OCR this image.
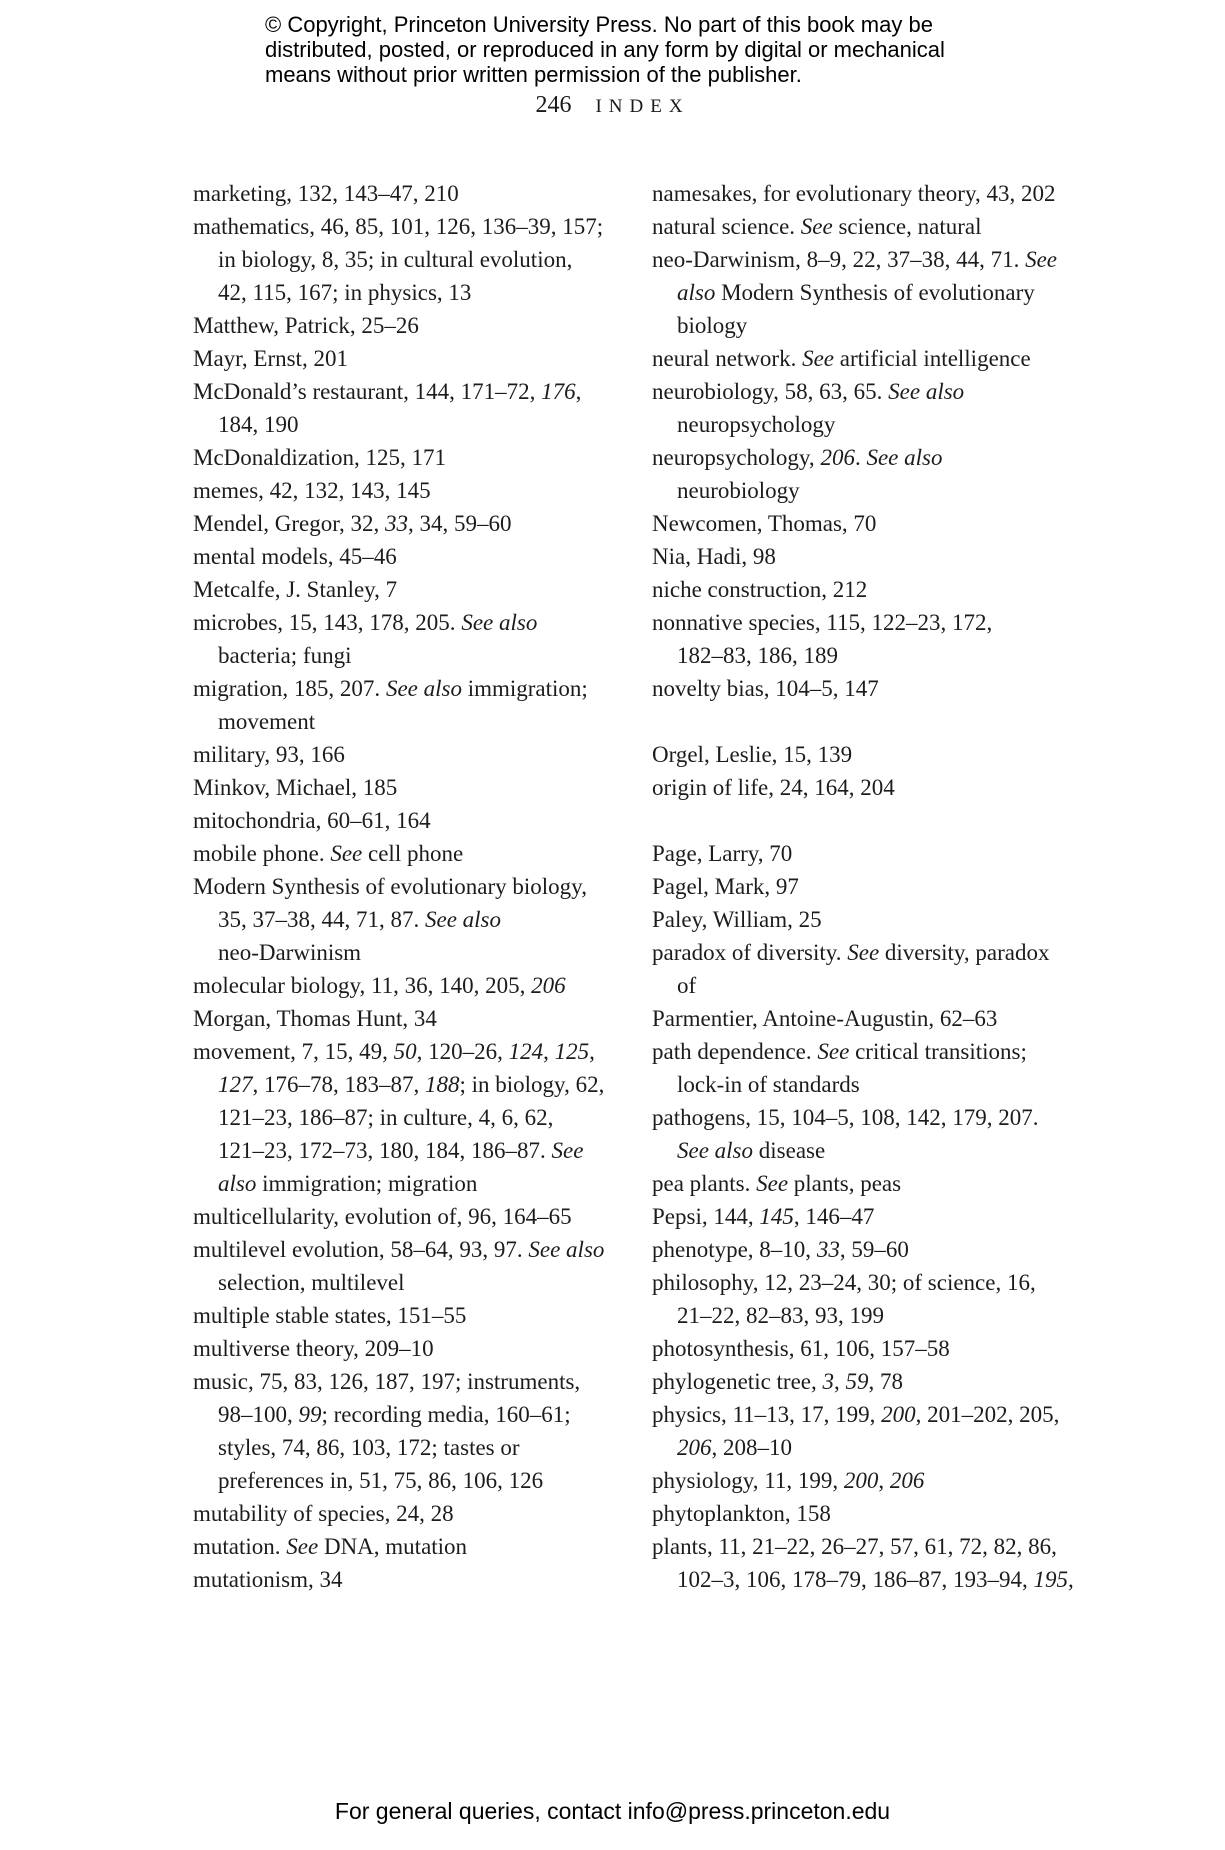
© Copyright, Princeton University Press. No part of this book may be
distributed, posted, or reproduced in any form by digital or mechanical
means without prior written permission of the publisher.
246 INDEX
marketing, 132, 143–47, 210
mathematics, 46, 85, 101, 126, 136–39, 157;
in biology, 8, 35; in cultural evolution,
42, 115, 167; in physics, 13
Matthew, Patrick, 25–26
Mayr, Ernst, 201
McDonald’s restaurant, 144, 171–72, 176,
184, 190
McDonaldization, 125, 171
memes, 42, 132, 143, 145
Mendel, Gregor, 32, 33, 34, 59–60
mental models, 45–46
Metcalfe, J. Stanley, 7
microbes, 15, 143, 178, 205. See also
bacteria; fungi
migration, 185, 207. See also immigration;
movement
military, 93, 166
Minkov, Michael, 185
mitochondria, 60–61, 164
mobile phone. See cell phone
Modern Synthesis of evolutionary biology,
35, 37–38, 44, 71, 87. See also
neo-Darwinism
molecular biology, 11, 36, 140, 205, 206
Morgan, Thomas Hunt, 34
movement, 7, 15, 49, 50, 120–26, 124, 125,
127, 176–78, 183–87, 188; in biology, 62,
121–23, 186–87; in culture, 4, 6, 62,
121–23, 172–73, 180, 184, 186–87. See
also immigration; migration
multicellularity, evolution of, 96, 164–65
multilevel evolution, 58–64, 93, 97. See also
selection, multilevel
multiple stable states, 151–55
multiverse theory, 209–10
music, 75, 83, 126, 187, 197; instruments,
98–100, 99; recording media, 160–61;
styles, 74, 86, 103, 172; tastes or
preferences in, 51, 75, 86, 106, 126
mutability of species, 24, 28
mutation. See DNA, mutation
mutationism, 34
namesakes, for evolutionary theory, 43, 202
natural science. See science, natural
neo-Darwinism, 8–9, 22, 37–38, 44, 71. See
also Modern Synthesis of evolutionary
biology
neural network. See artificial intelligence
neurobiology, 58, 63, 65. See also
neuropsychology
neuropsychology, 206. See also
neurobiology
Newcomen, Thomas, 70
Nia, Hadi, 98
niche construction, 212
nonnative species, 115, 122–23, 172,
182–83, 186, 189
novelty bias, 104–5, 147
Orgel, Leslie, 15, 139
origin of life, 24, 164, 204
Page, Larry, 70
Pagel, Mark, 97
Paley, William, 25
paradox of diversity. See diversity, paradox
of
Parmentier, Antoine-Augustin, 62–63
path dependence. See critical transitions;
lock-in of standards
pathogens, 15, 104–5, 108, 142, 179, 207.
See also disease
pea plants. See plants, peas
Pepsi, 144, 145, 146–47
phenotype, 8–10, 33, 59–60
philosophy, 12, 23–24, 30; of science, 16,
21–22, 82–83, 93, 199
photosynthesis, 61, 106, 157–58
phylogenetic tree, 3, 59, 78
physics, 11–13, 17, 199, 200, 201–202, 205,
206, 208–10
physiology, 11, 199, 200, 206
phytoplankton, 158
plants, 11, 21–22, 26–27, 57, 61, 72, 82, 86,
102–3, 106, 178–79, 186–87, 193–94, 195,
For general queries, contact info@press.princeton.edu
